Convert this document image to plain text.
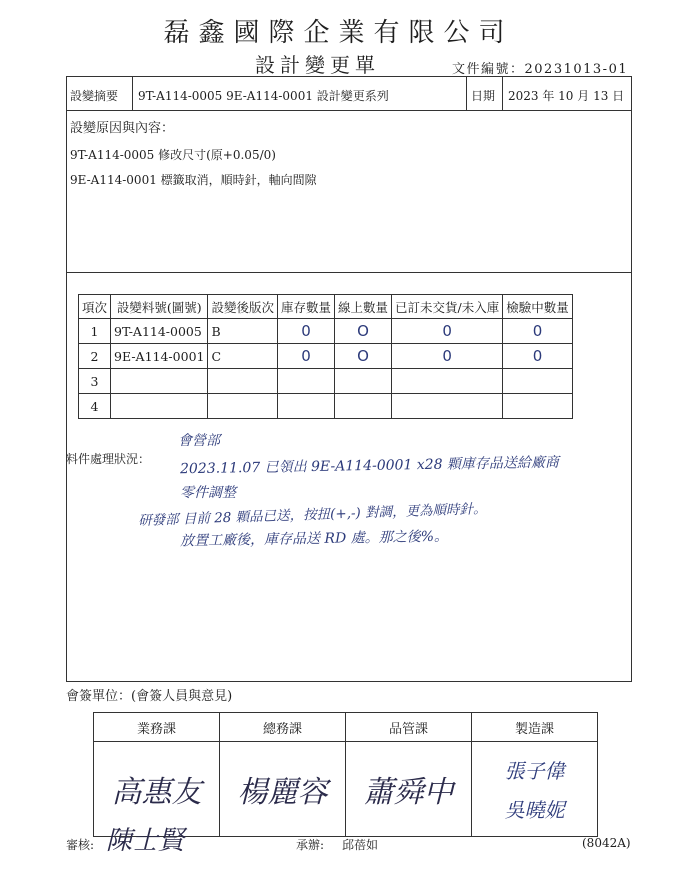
磊鑫國際企業有限公司
設計變更單	文件編號：20231013-01
設變摘要 9T-A114-0005 9E-A114-0001 設計變更系列	日期 2023 年 10 月 13 日
設變原因與內容：
9T-A114-0005 修改尺寸(原+0.05/0)
9E-A114-0001 標籤取消，順時針，軸向間隙
項次	設變料號(圖號)	設變後版次	庫存數量	線上數量	已訂未交貨/未入庫	檢驗中數量
1	9T-A114-0005	B	0	O	0	0
2	9E-A114-0001	C	0	O	0	0
3						
4						
料件處理狀況：
會營部
2023.11.07 已領出 9E-A114-0001 x28 顆庫存品送給廠商
零件調整
研發部 目前 28 顆品已送，按扭(+,-) 對調，更為順時針。
放置工廠後，庫存品送 RD 處。那之後%。
會簽單位：(會簽人員與意見)
業務課	總務課	品管課	製造課
高惠友	楊麗容	蕭舜中	張子偉
吳曉妮
審核: 陳士賢	承辦: 邱蓓如	(8042A)
